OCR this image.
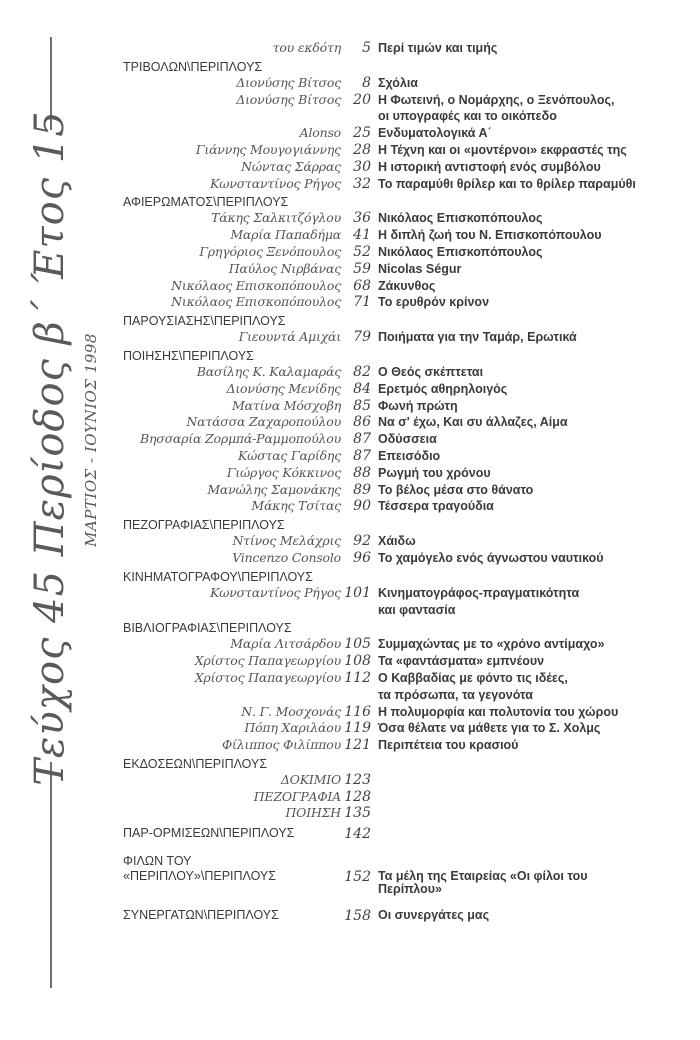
Τεύχος 45 Περίοδος β΄ Έτος 15 ΜΑΡΤΙΟΣ - ΙΟΥΝΙΟΣ 1998
του εκδότη	5 Περί τιμών και τιμής
ΤΡΙΒΟΛΩΝ\ΠΕΡΙΠΛΟΥΣ
Διονύσης Βίτσος	8 Σχόλια
Διονύσης Βίτσος 20 Η Φωτεινή, ο Νομάρχης, ο Ξενόπουλος,
οι υπογραφές και το οικόπεδο
Alonso 25 Ενδυματολογικά Α΄
Γιάννης Μουγογιάννης 28 Η Τέχνη και οι «μοντέρνοι» εκφραστές της
Νώντας Σάρρας 30 Η ιστορική αντιστοφή ενός συμβόλου
Κωνσταντίνος Ρήγος 32 Το παραμύθι θρίλερ και το θρίλερ παραμύθι
ΑΦΙΕΡΩΜΑΤΟΣ\ΠΕΡΙΠΛΟΥΣ
Τάκης Σαλκιτζόγλου 36 Νικόλαος Επισκοπόπουλος
Μαρία Παπαδήμα 41 Η διπλή ζωή του Ν. Επισκοπόπουλου
Γρηγόριος Ξενόπουλος 52 Νικόλαος Επισκοπόπουλος
Παύλος Νιρβάνας 59 Nicolas Ségur
Νικόλαος Επισκοπόπουλος 68 Ζάκυνθος
Νικόλαος Επισκοπόπουλος 71 Το ερυθρόν κρίνον
ΠΑΡΟΥΣΙΑΣΗΣ\ΠΕΡΙΠΛΟΥΣ
Γιεουντά Αμιχάι 79 Ποιήματα για την Ταμάρ, Ερωτικά
ΠΟΙΗΣΗΣ\ΠΕΡΙΠΛΟΥΣ
Βασίλης Κ. Καλαμαράς 82 Ο Θεός σκέπτεται
Διονύσης Μενίδης 84 Ερετμός αθηρηλοιγός
Ματίνα Μόσχοβη 85 Φωνή πρώτη
Νατάσσα Ζαχαροπούλου 86 Να σ' έχω, Και συ άλλαζες, Αίμα
Βησσαρία Ζορμπά-Ραμμοπούλου 87 Οδύσσεια
Κώστας Γαρίδης 87 Επεισόδιο
Γιώργος Κόκκινος 88 Ρωγμή του χρόνου
Μανώλης Σαμονάκης 89 Το βέλος μέσα στο θάνατο
Μάκης Τσίτας 90 Τέσσερα τραγούδια
ΠΕΖΟΓΡΑΦΙΑΣ\ΠΕΡΙΠΛΟΥΣ
Ντίνος Μελάχρις 92 Χάιδω
Vincenzo Consolo 96 Το χαμόγελο ενός άγνωστου ναυτικού
ΚΙΝΗΜΑΤΟΓΡΑΦΟΥ\ΠΕΡΙΠΛΟΥΣ
Κωνσταντίνος Ρήγος 101 Κινηματογράφος-πραγματικότητα
και φαντασία
ΒΙΒΛΙΟΓΡΑΦΙΑΣ\ΠΕΡΙΠΛΟΥΣ
Μαρία Λιτσάρδου 105 Συμμαχώντας με το «χρόνο αντίμαχο»
Χρίστος Παπαγεωργίου 108 Τα «φαντάσματα» εμπνέουν
Χρίστος Παπαγεωργίου 112 Ο Καββαδίας με φόντο τις ιδέες,
τα πρόσωπα, τα γεγονότα
Ν. Γ. Μοσχονάς 116 Η πολυμορφία και πολυτονία του χώρου
Πόπη Χαριλάου 119 Όσα θέλατε να μάθετε για το Σ. Χολμς
Φίλιππος Φιλίππου 121 Περιπέτεια του κρασιού
ΕΚΔΟΣΕΩΝ\ΠΕΡΙΠΛΟΥΣ
ΔΟΚΙΜΙΟ 123
ΠΕΖΟΓΡΑΦΙΑ 128
ΠΟΙΗΣΗ 135
ΠΑΡ-ΟΡΜΙΣΕΩΝ\ΠΕΡΙΠΛΟΥΣ	142
ΦΙΛΩΝ ΤΟΥ
«ΠΕΡΙΠΛΟΥ»\ΠΕΡΙΠΛΟΥΣ	152 Τα μέλη της Εταιρείας «Οι φίλοι του
Περίπλου»
ΣΥΝΕΡΓΑΤΩΝ\ΠΕΡΙΠΛΟΥΣ	158 Οι συνεργάτες μας
